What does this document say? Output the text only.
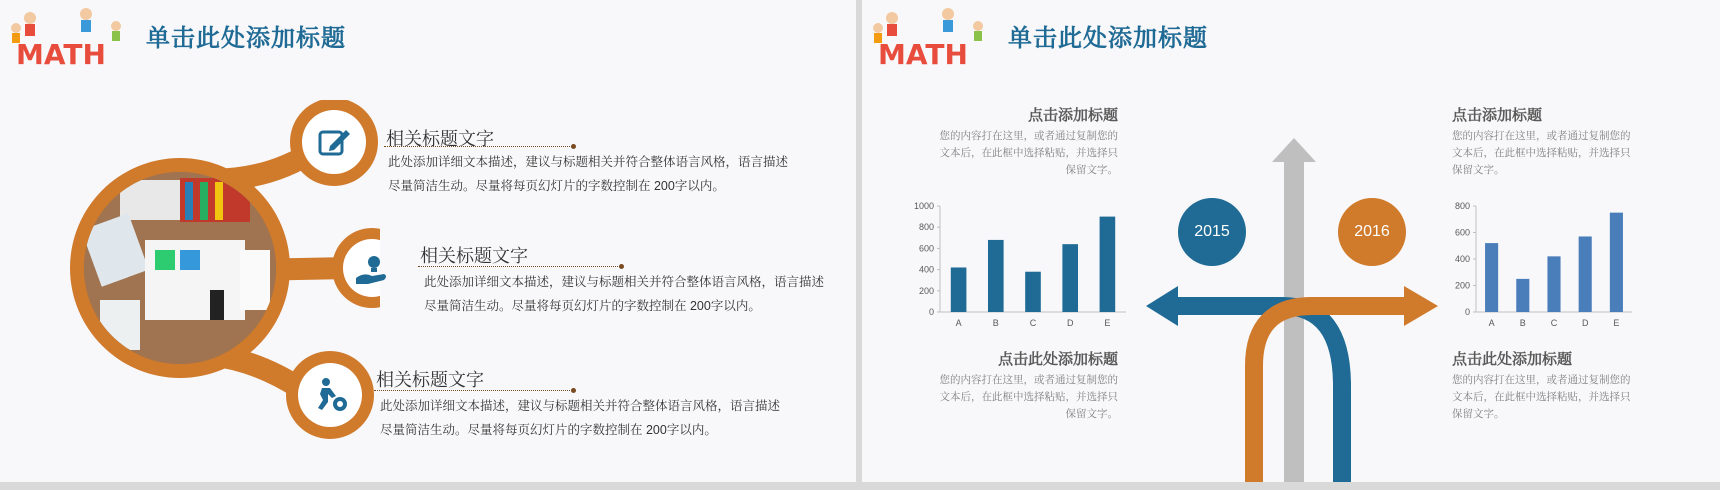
MATH 单击此处添加标题
相关标题文字
此处添加详细文本描述，建议与标题相关并符合整体语言风格，语言描述尽量简洁生动。尽量将每页幻灯片的字数控制在 200字以内。
相关标题文字
此处添加详细文本描述，建议与标题相关并符合整体语言风格，语言描述尽量简洁生动。尽量将每页幻灯片的字数控制在 200字以内。
相关标题文字
此处添加详细文本描述，建议与标题相关并符合整体语言风格，语言描述尽量简洁生动。尽量将每页幻灯片的字数控制在 200字以内。
MATH 单击此处添加标题
2015	2016
点击添加标题
您的内容打在这里，或者通过复制您的文本后，在此框中选择粘贴，并选择只保留文字。
点击添加标题
您的内容打在这里，或者通过复制您的文本后，在此框中选择粘贴，并选择只保留文字。
点击此处添加标题
您的内容打在这里，或者通过复制您的文本后，在此框中选择粘贴，并选择只保留文字。
点击此处添加标题
您的内容打在这里，或者通过复制您的文本后，在此框中选择粘贴，并选择只保留文字。
0
200
400
600
800
1000
A	B	C	D	E
0
200
400
600
800
A	B	C	D	E
